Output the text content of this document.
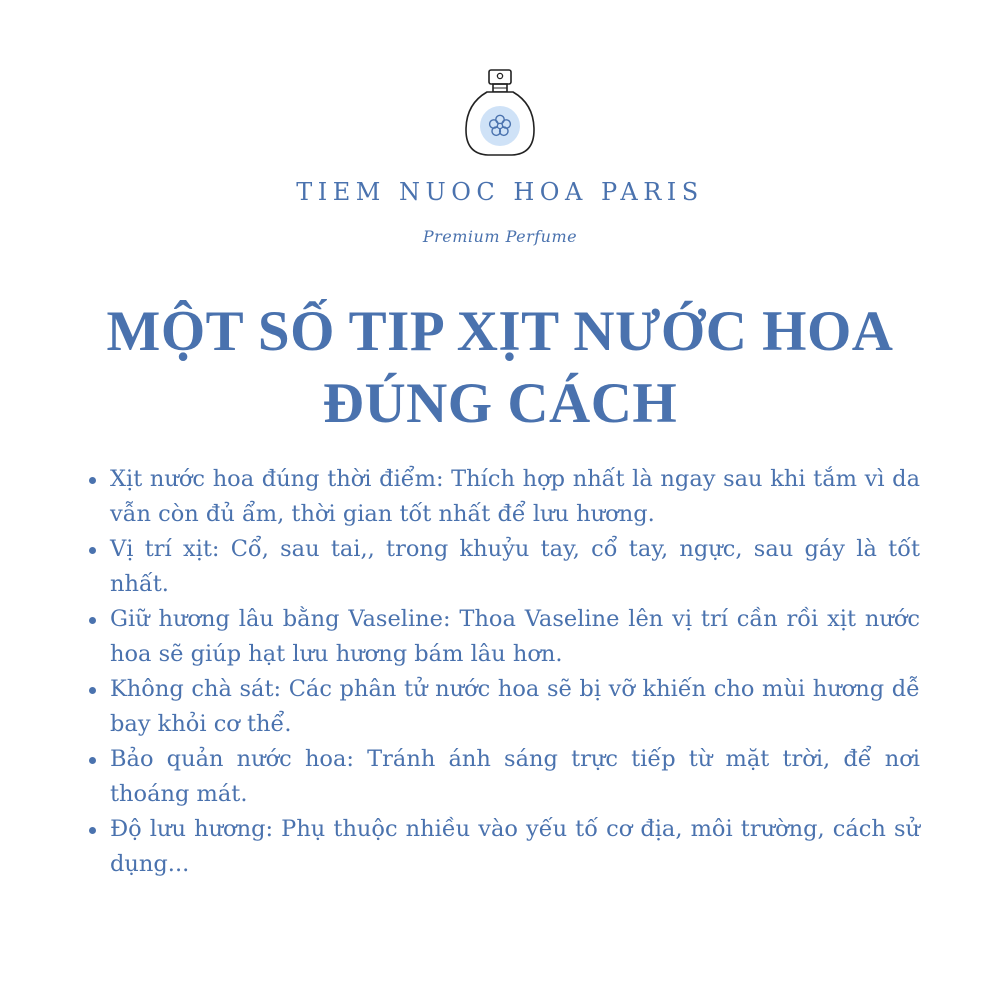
TIEM NUOC HOA PARIS
Premium Perfume
MỘT SỐ TIP XỊT NƯỚC HOA
ĐÚNG CÁCH
Xịt nước hoa đúng thời điểm: Thích hợp nhất là ngay sau khi tắm vì da vẫn còn đủ ẩm, thời gian tốt nhất để lưu hương.
Vị trí xịt: Cổ, sau tai,, trong khuỷu tay, cổ tay, ngực, sau gáy là tốt nhất.
Giữ hương lâu bằng Vaseline: Thoa Vaseline lên vị trí cần rồi xịt nước hoa sẽ giúp hạt lưu hương bám lâu hơn.
Không chà sát: Các phân tử nước hoa sẽ bị vỡ khiến cho mùi hương dễ bay khỏi cơ thể.
Bảo quản nước hoa: Tránh ánh sáng trực tiếp từ mặt trời, để nơi thoáng mát.
Độ lưu hương: Phụ thuộc nhiều vào yếu tố cơ địa, môi trường, cách sử dụng...
